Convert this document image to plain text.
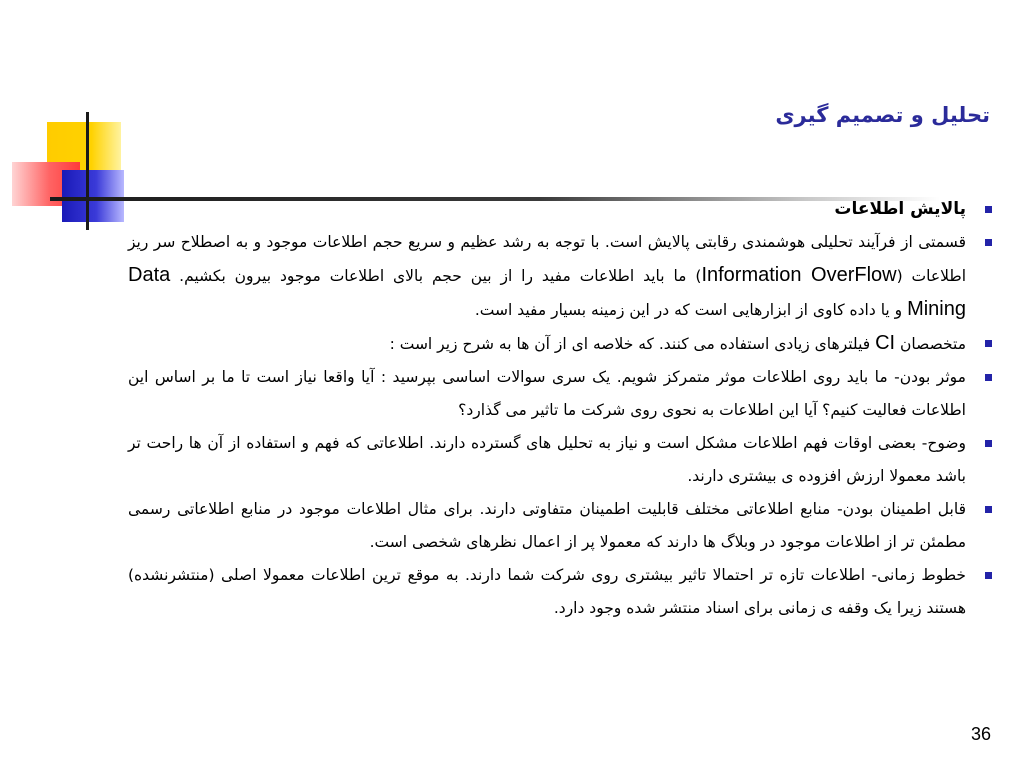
تحلیل و تصمیم گیری
پالایش اطلاعات
قسمتی از فرآیند تحلیلی هوشمندی رقابتی پالایش است. با توجه به رشد عظیم و سریع حجم اطلاعات موجود و به اصطلاح سر ریز اطلاعات (Information OverFlow) ما باید اطلاعات مفید را از بین حجم بالای اطلاعات موجود بیرون بکشیم. Data Mining و یا داده کاوی از ابزارهایی است که در این زمینه بسیار مفید است.
متخصصان CI فیلترهای زیادی استفاده می کنند. که خلاصه ای از آن ها به شرح زیر است :
موثر بودن- ما باید روی اطلاعات موثر متمرکز شویم. یک سری سوالات اساسی بپرسید : آیا واقعا نیاز است تا ما بر اساس این اطلاعات فعالیت کنیم؟ آیا این اطلاعات به نحوی روی شرکت ما تاثیر می گذارد؟
وضوح- بعضی اوقات فهم اطلاعات مشکل است و نیاز به تحلیل های گسترده دارند. اطلاعاتی که فهم و استفاده از آن ها راحت تر باشد معمولا ارزش افزوده ی بیشتری دارند.
قابل اطمینان بودن- منابع اطلاعاتی مختلف قابلیت اطمینان متفاوتی دارند. برای مثال اطلاعات موجود در منابع اطلاعاتی رسمی مطمئن تر از اطلاعات موجود در وبلاگ ها دارند که معمولا پر از اعمال نظرهای شخصی است.
خطوط زمانی- اطلاعات تازه تر احتمالا تاثیر بیشتری روی شرکت شما دارند. به موقع ترین اطلاعات معمولا اصلی (منتشرنشده) هستند زیرا یک وقفه ی زمانی برای اسناد منتشر شده وجود دارد.
36
